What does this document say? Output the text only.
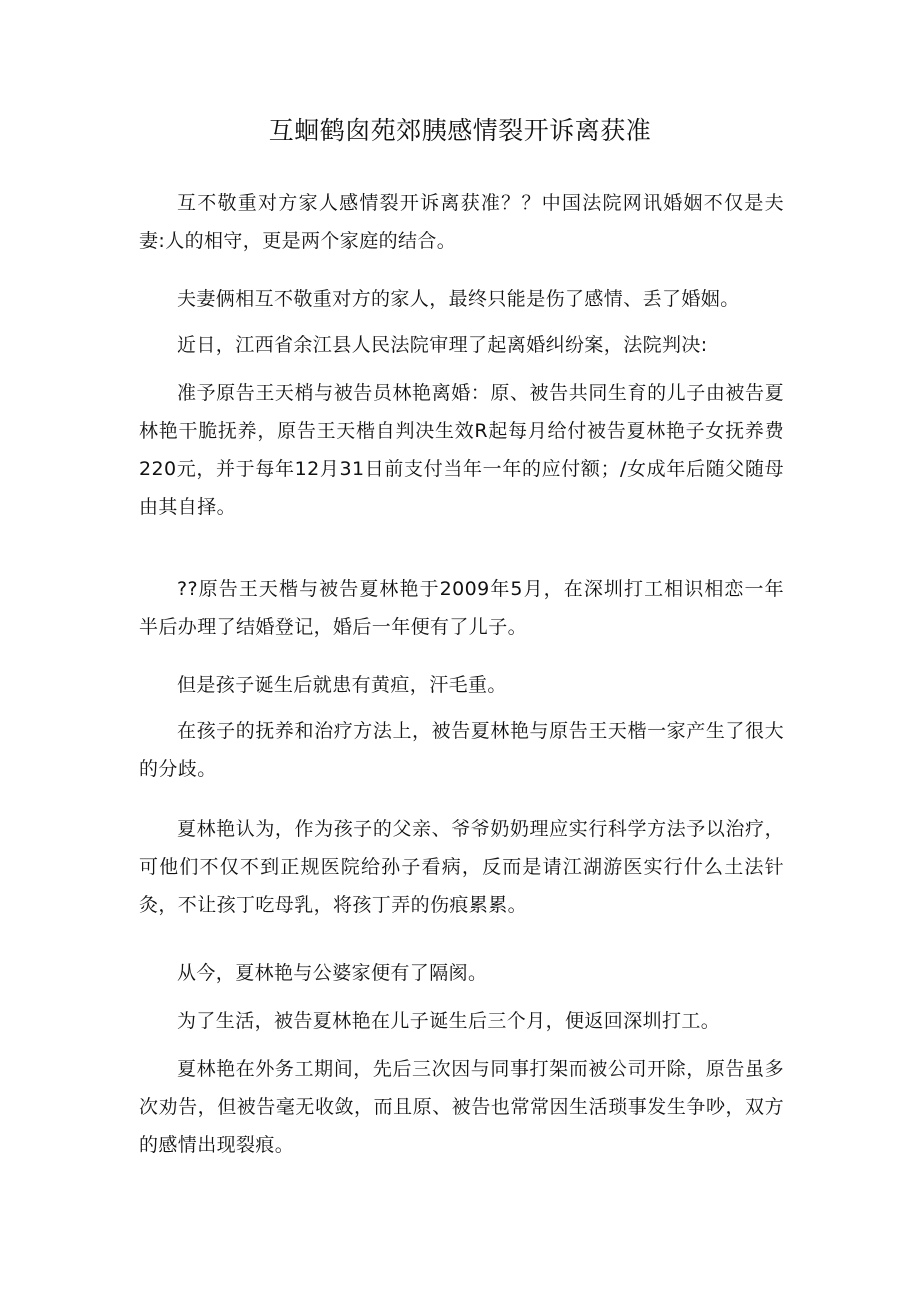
互蛔鹤囱苑郊胰感情裂开诉离获准

互不敬重对方家人感情裂开诉离获准？？中国法院网讯婚姻不仅是夫妻:人的相守，更是两个家庭的结合。

夫妻俩相互不敬重对方的家人，最终只能是伤了感情、丢了婚姻。

近日，江西省余江县人民法院审理了起离婚纠纷案，法院判决:

准予原告王天梢与被告员林艳离婚：原、被告共同生育的儿子由被告夏林艳干脆抚养，原告王天楷自判决生效R起每月给付被告夏林艳子女抚养费220元，并于每年12月31日前支付当年一年的应付额；/女成年后随父随母由其自择。

??原告王天楷与被告夏林艳于2009年5月，在深圳打工相识相恋一年半后办理了结婚登记，婚后一年便有了儿子。

但是孩子诞生后就患有黄疸，汗毛重。

在孩子的抚养和治疗方法上，被告夏林艳与原告王天楷一家产生了很大的分歧。

夏林艳认为，作为孩子的父亲、爷爷奶奶理应实行科学方法予以治疗，可他们不仅不到正规医院给孙子看病，反而是请江湖游医实行什么土法针灸，不让孩丁吃母乳，将孩丁弄的伤痕累累。

从今，夏林艳与公婆家便有了隔阂。

为了生活，被告夏林艳在儿子诞生后三个月，便返回深圳打工。

夏林艳在外务工期间，先后三次因与同事打架而被公司开除，原告虽多次劝告，但被告毫无收敛，而且原、被告也常常因生活琐事发生争吵，双方的感情出现裂痕。
